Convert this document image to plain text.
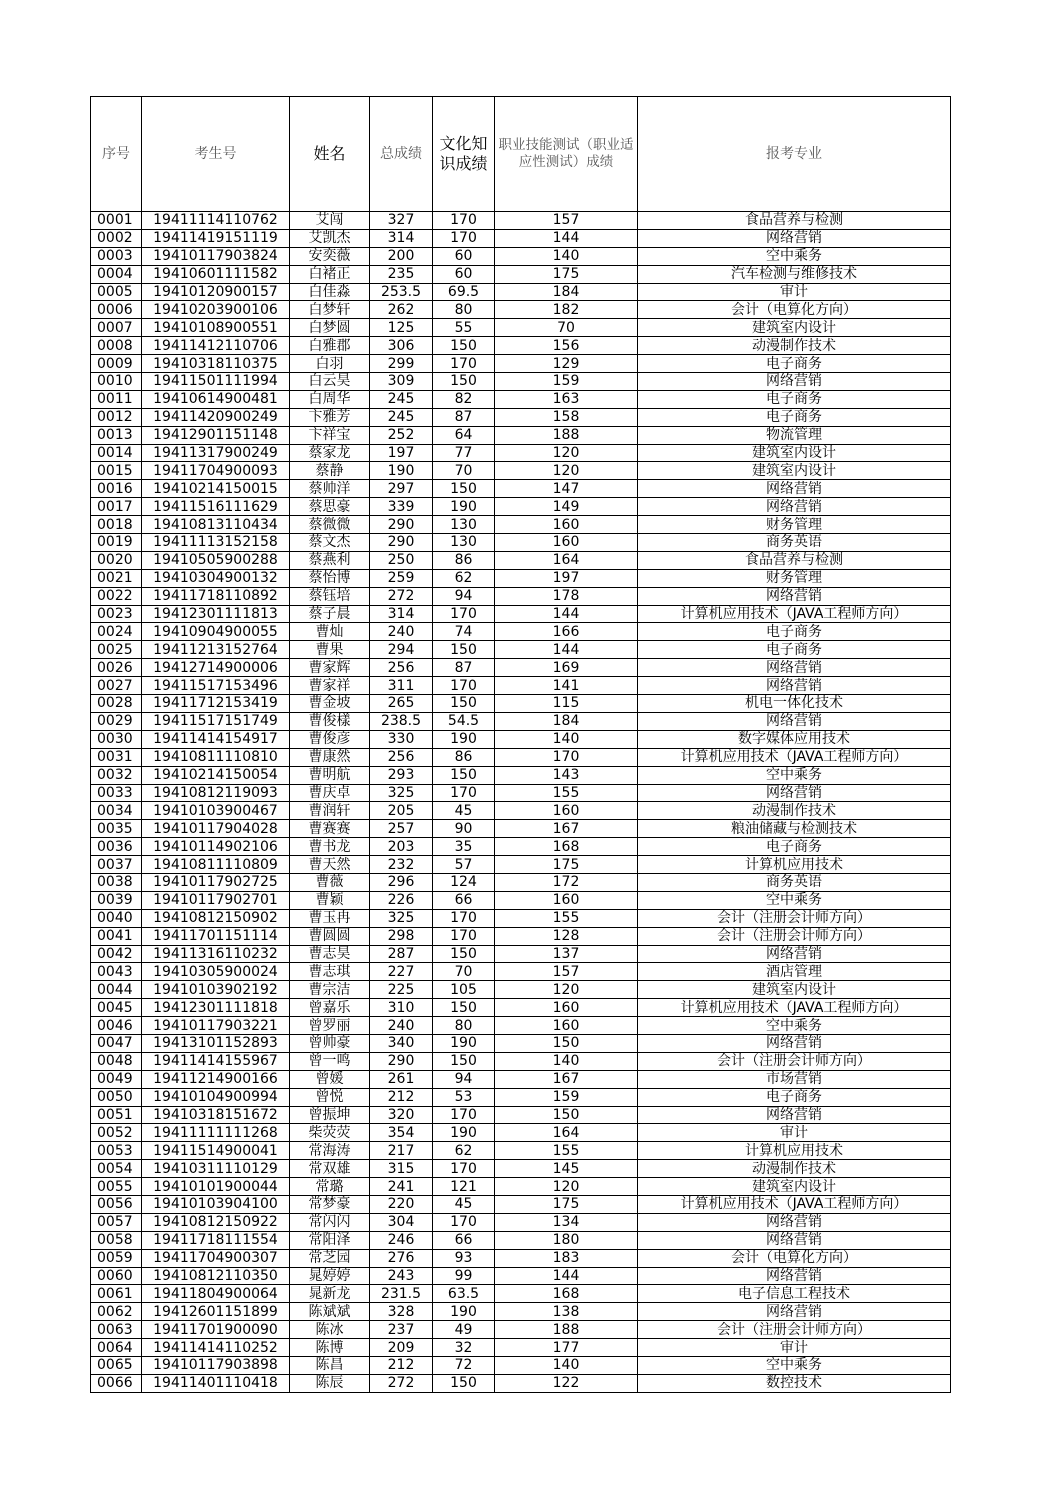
序号	考生号	姓名	总成绩	文化知识成绩	职业技能测试（职业适应性测试）成绩	报考专业
0001	19411114110762	艾闯	327	170	157	食品营养与检测
0002	19411419151119	艾凯杰	314	170	144	网络营销
0003	19410117903824	安奕薇	200	60	140	空中乘务
0004	19410601111582	白褚正	235	60	175	汽车检测与维修技术
0005	19410120900157	白佳淼	253.5	69.5	184	审计
0006	19410203900106	白梦轩	262	80	182	会计（电算化方向）
0007	19410108900551	白梦圆	125	55	70	建筑室内设计
0008	19411412110706	白雅郡	306	150	156	动漫制作技术
0009	19410318110375	白羽	299	170	129	电子商务
0010	19411501111994	白云昊	309	150	159	网络营销
0011	19410614900481	白周华	245	82	163	电子商务
0012	19411420900249	卞雅芳	245	87	158	电子商务
0013	19412901151148	卞祥宝	252	64	188	物流管理
0014	19411317900249	蔡家龙	197	77	120	建筑室内设计
0015	19411704900093	蔡静	190	70	120	建筑室内设计
0016	19410214150015	蔡帅洋	297	150	147	网络营销
0017	19411516111629	蔡思豪	339	190	149	网络营销
0018	19410813110434	蔡微微	290	130	160	财务管理
0019	19411113152158	蔡文杰	290	130	160	商务英语
0020	19410505900288	蔡燕利	250	86	164	食品营养与检测
0021	19410304900132	蔡怡博	259	62	197	财务管理
0022	19411718110892	蔡钰培	272	94	178	网络营销
0023	19412301111813	蔡子晨	314	170	144	计算机应用技术（JAVA工程师方向）
0024	19410904900055	曹灿	240	74	166	电子商务
0025	19411213152764	曹果	294	150	144	电子商务
0026	19412714900006	曹家辉	256	87	169	网络营销
0027	19411517153496	曹家祥	311	170	141	网络营销
0028	19411712153419	曹金坡	265	150	115	机电一体化技术
0029	19411517151749	曹俊樣	238.5	54.5	184	网络营销
0030	19411414154917	曹俊彦	330	190	140	数字媒体应用技术
0031	19410811110810	曹康然	256	86	170	计算机应用技术（JAVA工程师方向）
0032	19410214150054	曹明航	293	150	143	空中乘务
0033	19410812119093	曹庆卓	325	170	155	网络营销
0034	19410103900467	曹润轩	205	45	160	动漫制作技术
0035	19410117904028	曹赛赛	257	90	167	粮油储藏与检测技术
0036	19410114902106	曹书龙	203	35	168	电子商务
0037	19410811110809	曹天然	232	57	175	计算机应用技术
0038	19410117902725	曹薇	296	124	172	商务英语
0039	19410117902701	曹颖	226	66	160	空中乘务
0040	19410812150902	曹玉冉	325	170	155	会计（注册会计师方向）
0041	19411701151114	曹圆圆	298	170	128	会计（注册会计师方向）
0042	19411316110232	曹志昊	287	150	137	网络营销
0043	19410305900024	曹志琪	227	70	157	酒店管理
0044	19410103902192	曹宗洁	225	105	120	建筑室内设计
0045	19412301111818	曾嘉乐	310	150	160	计算机应用技术（JAVA工程师方向）
0046	19410117903221	曾罗丽	240	80	160	空中乘务
0047	19413101152893	曾帅豪	340	190	150	网络营销
0048	19411414155967	曾一鸣	290	150	140	会计（注册会计师方向）
0049	19411214900166	曾媛	261	94	167	市场营销
0050	19410104900994	曾悦	212	53	159	电子商务
0051	19410318151672	曾振坤	320	170	150	网络营销
0052	19411111111268	柴荧荧	354	190	164	审计
0053	19411514900041	常海涛	217	62	155	计算机应用技术
0054	19410311110129	常双雄	315	170	145	动漫制作技术
0055	19410101900044	常璐	241	121	120	建筑室内设计
0056	19410103904100	常梦豪	220	45	175	计算机应用技术（JAVA工程师方向）
0057	19410812150922	常闪闪	304	170	134	网络营销
0058	19411718111554	常阳泽	246	66	180	网络营销
0059	19411704900307	常芝园	276	93	183	会计（电算化方向）
0060	19410812110350	晁婷婷	243	99	144	网络营销
0061	19411804900064	晁新龙	231.5	63.5	168	电子信息工程技术
0062	19412601151899	陈斌斌	328	190	138	网络营销
0063	19411701900090	陈冰	237	49	188	会计（注册会计师方向）
0064	19411414110252	陈博	209	32	177	审计
0065	19410117903898	陈昌	212	72	140	空中乘务
0066	19411401110418	陈辰	272	150	122	数控技术
